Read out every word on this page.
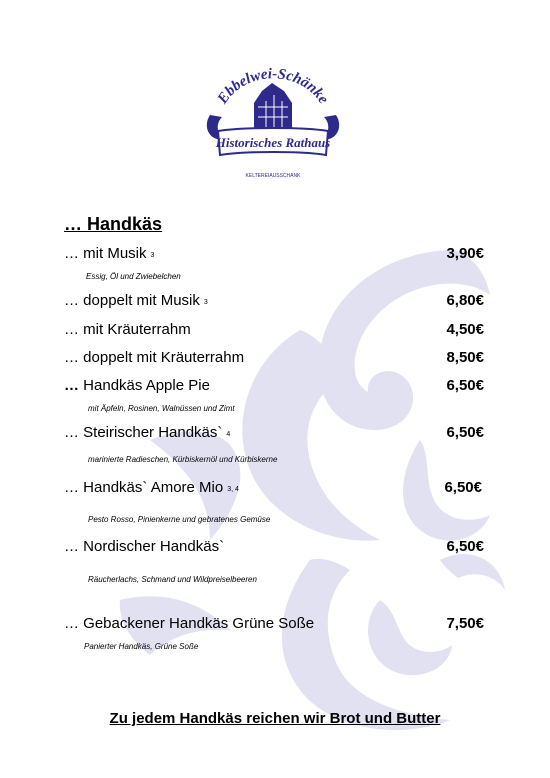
Ebbelwei-Schänke
Historisches Rathaus
KELTEREIAUSSCHANK
… Handkäs
… mit Musik 3	3,90€
Essig, Öl und Zwiebelchen
… doppelt mit Musik 3	6,80€
… mit Kräuterrahm	4,50€
… doppelt mit Kräuterrahm	8,50€
… Handkäs Apple Pie	6,50€
mit Äpfeln, Rosinen, Walnüssen und Zimt
… Steirischer Handkäs` 4	6,50€
marinierte Radieschen, Kürbiskernöl und Kürbiskerne
… Handkäs` Amore Mio 3, 4	6,50€
Pesto Rosso, Pinienkerne und gebratenes Gemüse
… Nordischer Handkäs`	6,50€
Räucherlachs, Schmand und Wildpreiselbeeren
… Gebackener Handkäs Grüne Soße	7,50€
Panierter Handkäs, Grüne Soße
Zu jedem Handkäs reichen wir Brot und Butter
